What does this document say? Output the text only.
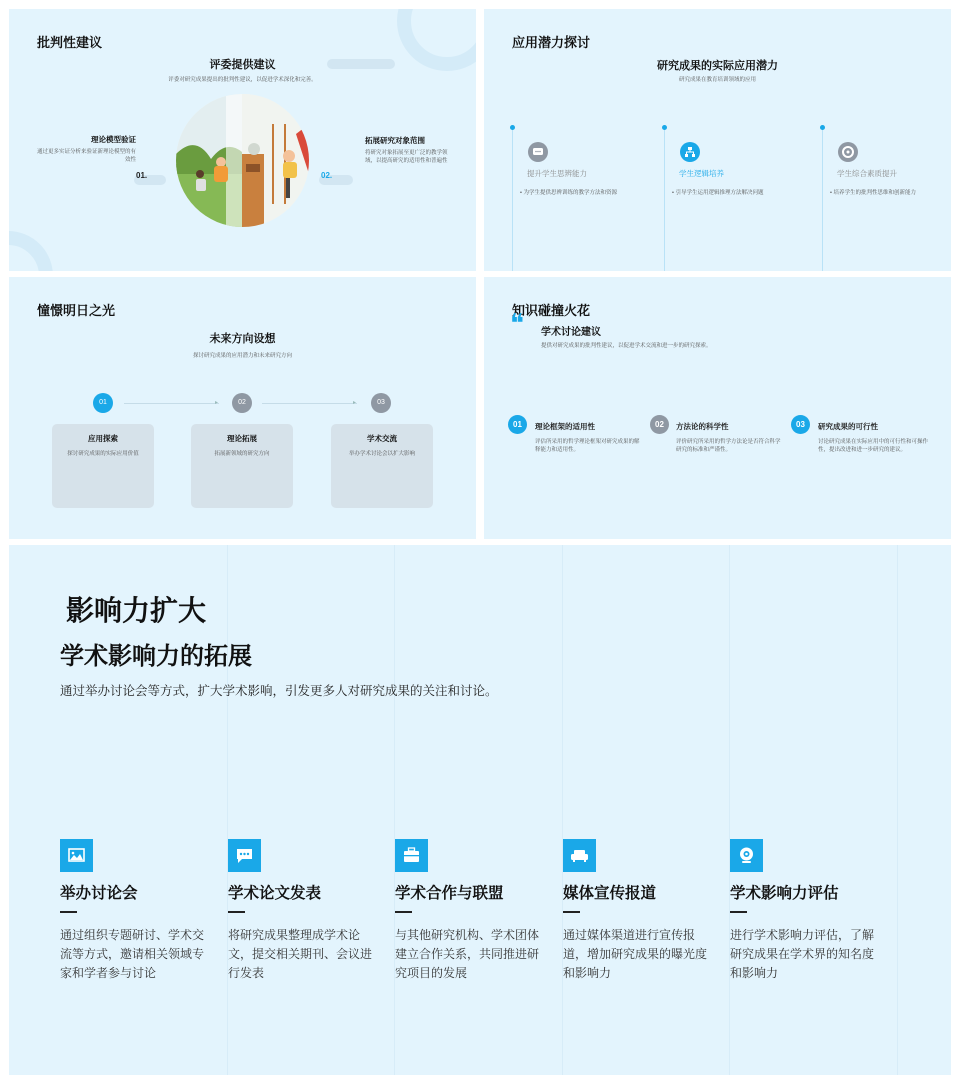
批判性建议
评委提供建议
评委对研究成果提出的批判性建议，以促进学术深化和完善。
理论模型验证
通过更多实证分析来验证新理论模型的有效性
01.
拓展研究对象范围
将研究对象拓展至更广泛的教学领域，以提高研究的适用性和普遍性
02.
应用潜力探讨
研究成果的实际应用潜力
研究成果在教育培训领域的应用
提升学生思辨能力
• 为学生提供思辨训练的教学方法和资源
学生逻辑培养
• 引导学生运用逻辑推理方法解决问题
学生综合素质提升
• 培养学生的批判性思维和创新能力
憧憬明日之光
未来方向设想
探讨研究成果的应用潜力和未来研究方向
▸	▸
01	02	03
应用探索
探讨研究成果的实际应用价值
理论拓展
拓展新领域的研究方向
学术交流
举办学术讨论会以扩大影响
知识碰撞火花
❝ 学术讨论建议
提供对研究成果的批判性建议，以促进学术交流和进一步的研究探索。
01	理论框架的适用性
评估所采用的哲学理论框架对研究成果的解释能力和适用性。
02	方法论的科学性
评价研究所采用的哲学方法论是否符合科学研究的标准和严谨性。
03	研究成果的可行性
讨论研究成果在实际应用中的可行性和可操作性，提出改进和进一步研究的建议。
影响力扩大
学术影响力的拓展
通过举办讨论会等方式，扩大学术影响，引发更多人对研究成果的关注和讨论。
举办讨论会
通过组织专题研讨、学术交流等方式，邀请相关领域专家和学者参与讨论
学术论文发表
将研究成果整理成学术论文，提交相关期刊、会议进行发表
学术合作与联盟
与其他研究机构、学术团体建立合作关系，共同推进研究项目的发展
媒体宣传报道
通过媒体渠道进行宣传报道，增加研究成果的曝光度和影响力
学术影响力评估
进行学术影响力评估，了解研究成果在学术界的知名度和影响力
